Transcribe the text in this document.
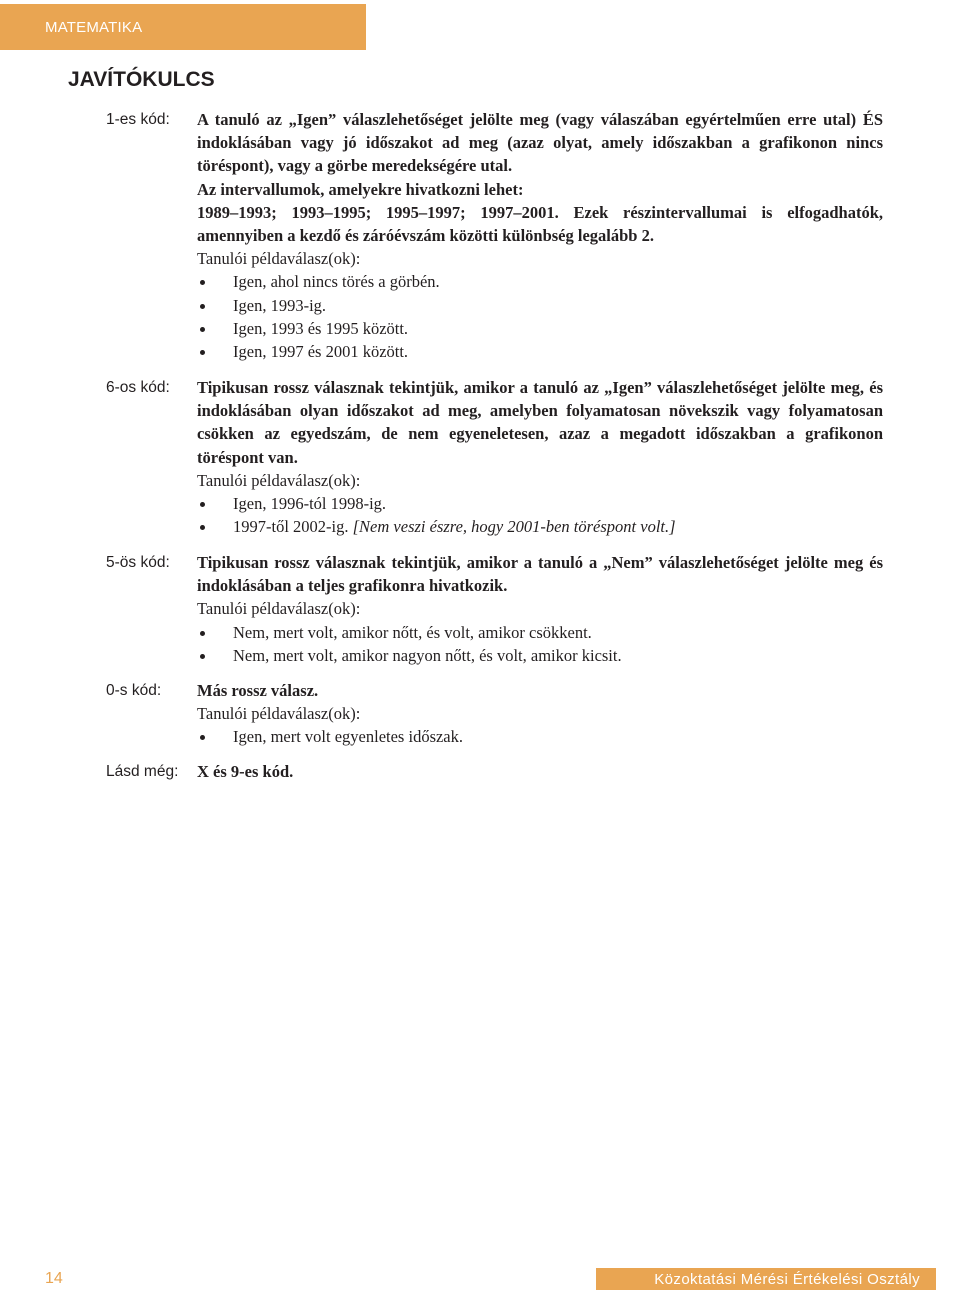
MATEMATIKA
JAVÍTÓKULCS
1-es kód: A tanuló az „Igen” válaszlehetőséget jelölte meg (vagy válaszában egyértelműen erre utal) ÉS indoklásában vagy jó időszakot ad meg (azaz olyat, amely időszakban a grafikonon nincs töréspont), vagy a görbe meredekségére utal.

Az intervallumok, amelyekre hivatkozni lehet:

1989–1993; 1993–1995; 1995–1997; 1997–2001. Ezek részintervallumai is elfogadhatók, amennyiben a kezdő és záróévszám közötti különbség legalább 2.

Tanulói példaválasz(ok):

Igen, ahol nincs törés a görbén.
Igen, 1993-ig.
Igen, 1993 és 1995 között.
Igen, 1997 és 2001 között.
6-os kód: Tipikusan rossz válasznak tekintjük, amikor a tanuló az „Igen” válaszlehetőséget jelölte meg, és indoklásában olyan időszakot ad meg, amelyben folyamatosan növekszik vagy folyamatosan csökken az egyedszám, de nem egyeneletesen, azaz a megadott időszakban a grafikonon töréspont van.

Tanulói példaválasz(ok):

Igen, 1996-tól 1998-ig.
1997-től 2002-ig. [Nem veszi észre, hogy 2001-ben töréspont volt.]
5-ös kód: Tipikusan rossz válasznak tekintjük, amikor a tanuló a „Nem” válaszlehetőséget jelölte meg és indoklásában a teljes grafikonra hivatkozik.

Tanulói példaválasz(ok):

Nem, mert volt, amikor nőtt, és volt, amikor csökkent.
Nem, mert volt, amikor nagyon nőtt, és volt, amikor kicsit.
0-s kód: Más rossz válasz.

Tanulói példaválasz(ok):

Igen, mert volt egyenletes időszak.
Lásd még: X és 9-es kód.

14	Közoktatási Mérési Értékelési Osztály
